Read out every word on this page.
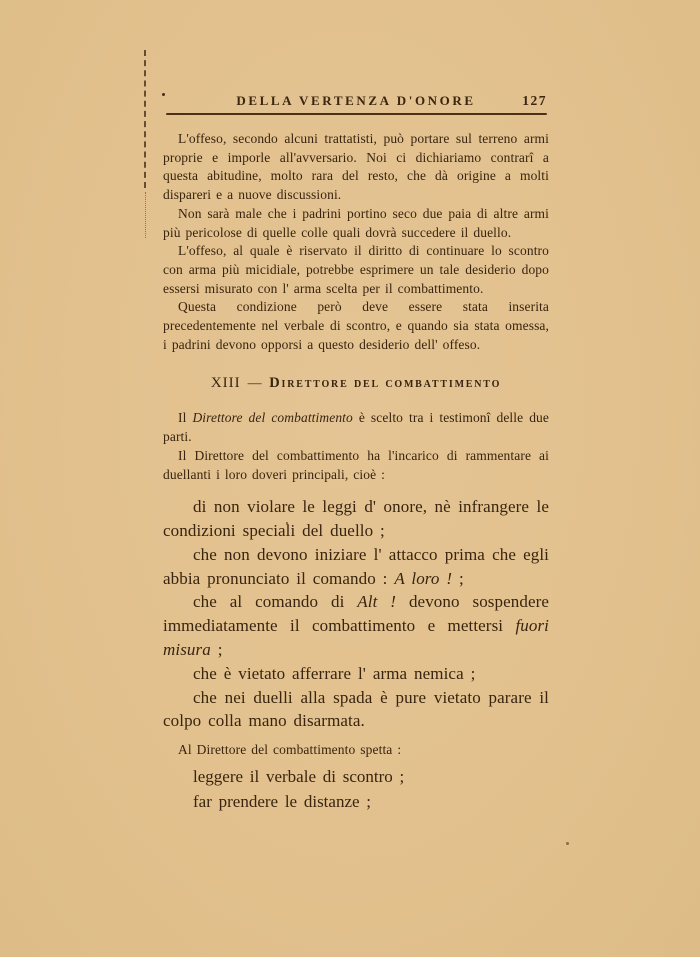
DELLA VERTENZA D'ONORE	127

L'offeso, secondo alcuni trattatisti, può portare sul terreno armi proprie e imporle all'avversario. Noi ci dichiariamo contrarî a questa abitudine, molto rara del resto, che dà origine a molti dispareri e a nuove discussioni.

Non sarà male che i padrini portino seco due paia di altre armi più pericolose di quelle colle quali dovrà succedere il duello.

L'offeso, al quale è riservato il diritto di continuare lo scontro con arma più micidiale, potrebbe esprimere un tale desiderio dopo essersi misurato con l' arma scelta per il combattimento.

Questa condizione però deve essere stata inserita precedentemente nel verbale di scontro, e quando sia stata omessa, i padrini devono opporsi a questo desiderio dell' offeso.

XIII — Direttore del combattimento

Il Direttore del combattimento è scelto tra i testimonî delle due parti.

Il Direttore del combattimento ha l'incarico di rammentare ai duellanti i loro doveri principali, cioè :

di non violare le leggi d' onore, nè infrangere le condizioni speciali del duello ;

che non devono iniziare l' attacco prima che egli abbia pronunciato il comando : A loro ! ;

che al comando di Alt ! devono sospendere immediatamente il combattimento e mettersi fuori misura ;

che è vietato afferrare l' arma nemica ;

che nei duelli alla spada è pure vietato parare il colpo colla mano disarmata.

Al Direttore del combattimento spetta :

leggere il verbale di scontro ;

far prendere le distanze ;
